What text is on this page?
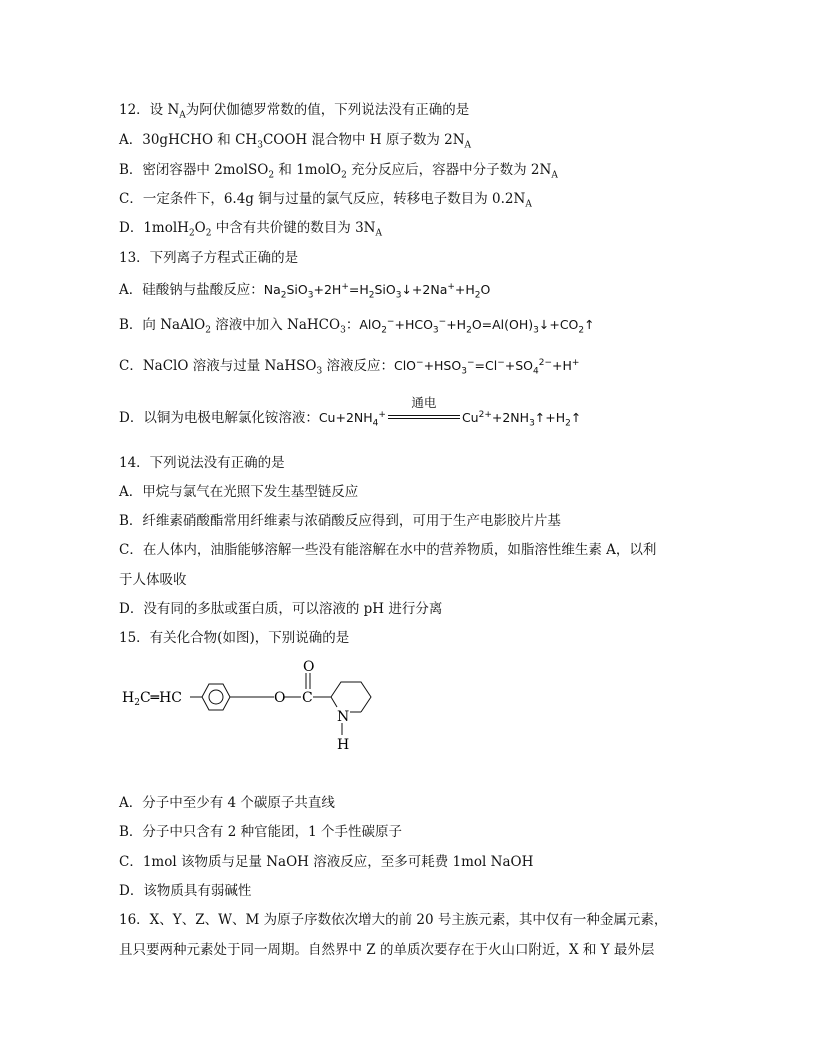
12．设 $N_A$为阿伏伽德罗常数的值，下列说法没有正确的是
A．30gHCHO 和 $CH_3COOH$ 混合物中 H 原子数为 $2N_A$
B．密闭容器中 2molSO$_2$ 和 1molO$_2$ 充分反应后，容器中分子数为 $2N_A$
C．一定条件下，6.4g 铜与过量的氯气反应，转移电子数目为 $0.2N_A$
D．$1molH_2O_2$ 中含有共价键的数目为 $3N_A$
13．下列离子方程式正确的是
A．硅酸钠与盐酸反应：$Na_2SiO_3+2H^+=H_2SiO_3↓+2Na^++H_2O$
B．向 NaAlO$_2$ 溶液中加入 NaHCO$_3$：$AlO_2^-+HCO_3^-+H_2O=Al(OH)_3↓+CO_2↑$
C．NaClO 溶液与过量 NaHSO$_3$ 溶液反应：$ClO^-+HSO_3^-=Cl^-+SO_4^{2-}+H^+$
D．以铜为电极电解氯化铵溶液：$Cu+2NH_4^+$
通电
$Cu^{2+}+2NH_3↑+H_2↑$
14．下列说法没有正确的是
A．甲烷与氯气在光照下发生基型链反应
B．纤维素硝酸酯常用纤维素与浓硝酸反应得到，可用于生产电影胶片片基
C．在人体内，油脂能够溶解一些没有能溶解在水中的营养物质，如脂溶性维生素 A，以利
于人体吸收
D．没有同的多肽或蛋白质，可以溶液的 pH 进行分离
15．有关化合物(如图)，下别说确的是
$H_2C═HC$	O C
O
N
H
A．分子中至少有 4 个碳原子共直线
B．分子中只含有 2 种官能团，1 个手性碳原子
C．1mol 该物质与足量 NaOH 溶液反应，至多可耗费 1mol NaOH
D．该物质具有弱碱性
16．X、Y、Z、W、M 为原子序数依次增大的前 20 号主族元素，其中仅有一种金属元素，
且只要两种元素处于同一周期。自然界中 Z 的单质次要存在于火山口附近，X 和 Y 最外层
